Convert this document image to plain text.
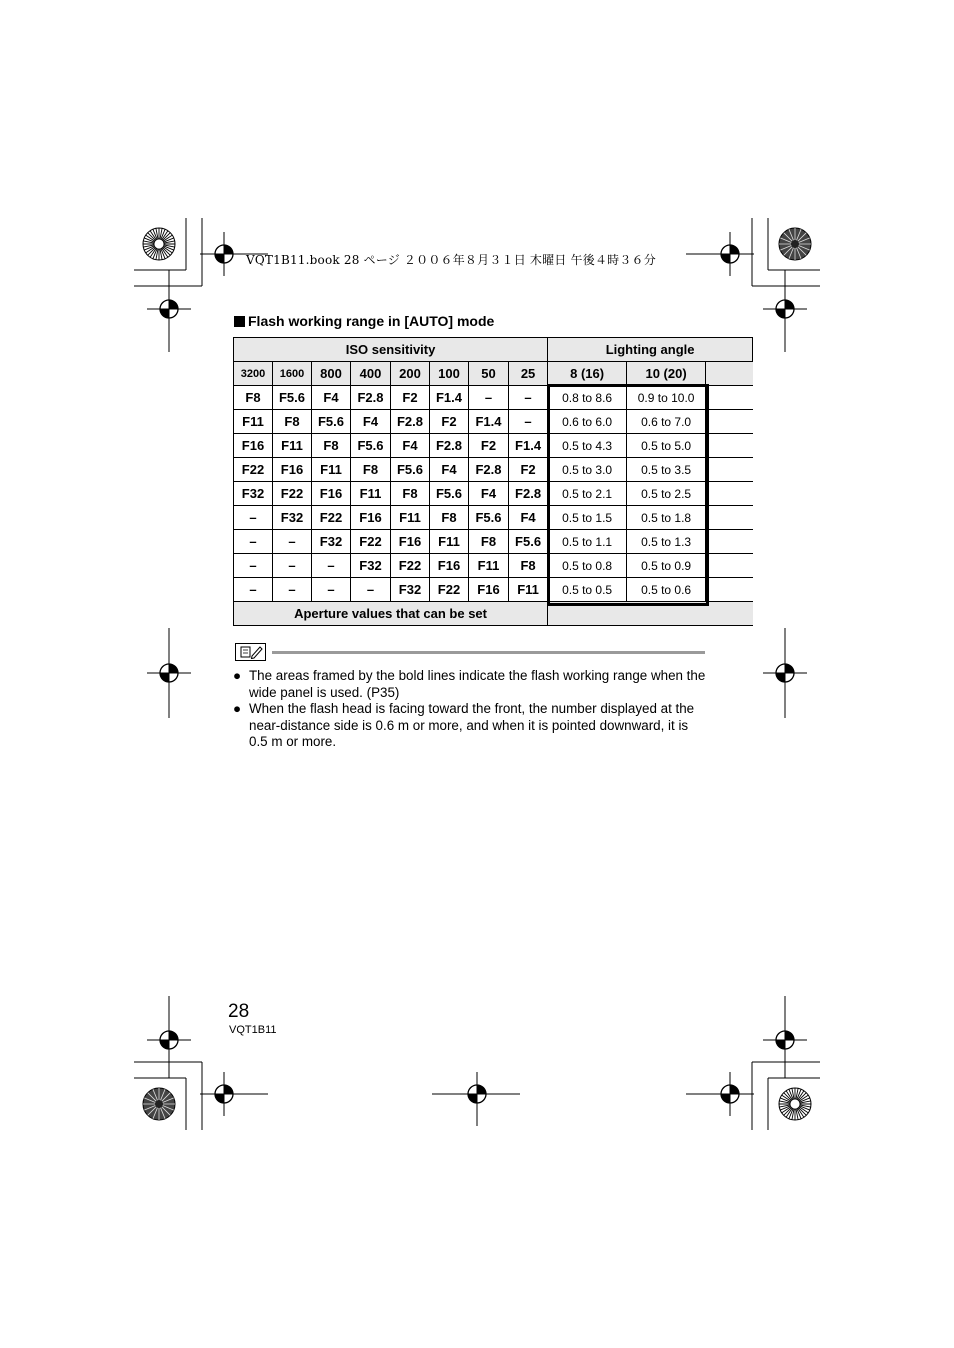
VQT1B11.book 28 ページ ２００６年８月３１日 木曜日 午後４時３６分
Flash working range in [AUTO] mode
ISO sensitivity								Lighting angle		
3200	1600	800	400	200	100	50	25	8 (16)	10 (20)	
F8	F5.6	F4	F2.8	F2	F1.4	–	–	0.8 to 8.6	0.9 to 10.0	
F11	F8	F5.6	F4	F2.8	F2	F1.4	–	0.6 to 6.0	0.6 to 7.0	
F16	F11	F8	F5.6	F4	F2.8	F2	F1.4	0.5 to 4.3	0.5 to 5.0	
F22	F16	F11	F8	F5.6	F4	F2.8	F2	0.5 to 3.0	0.5 to 3.5	
F32	F22	F16	F11	F8	F5.6	F4	F2.8	0.5 to 2.1	0.5 to 2.5	
–	F32	F22	F16	F11	F8	F5.6	F4	0.5 to 1.5	0.5 to 1.8	
–	–	F32	F22	F16	F11	F8	F5.6	0.5 to 1.1	0.5 to 1.3	
–	–	–	F32	F22	F16	F11	F8	0.5 to 0.8	0.5 to 0.9	
–	–	–	–	F32	F22	F16	F11	0.5 to 0.5	0.5 to 0.6	
Aperture values that can be set										
● The areas framed by the bold lines indicate the flash working range when the wide panel is used. (P35)
● When the flash head is facing toward the front, the number displayed at the near-distance side is 0.6 m or more, and when it is pointed downward, it is 0.5 m or more.
28
VQT1B11
